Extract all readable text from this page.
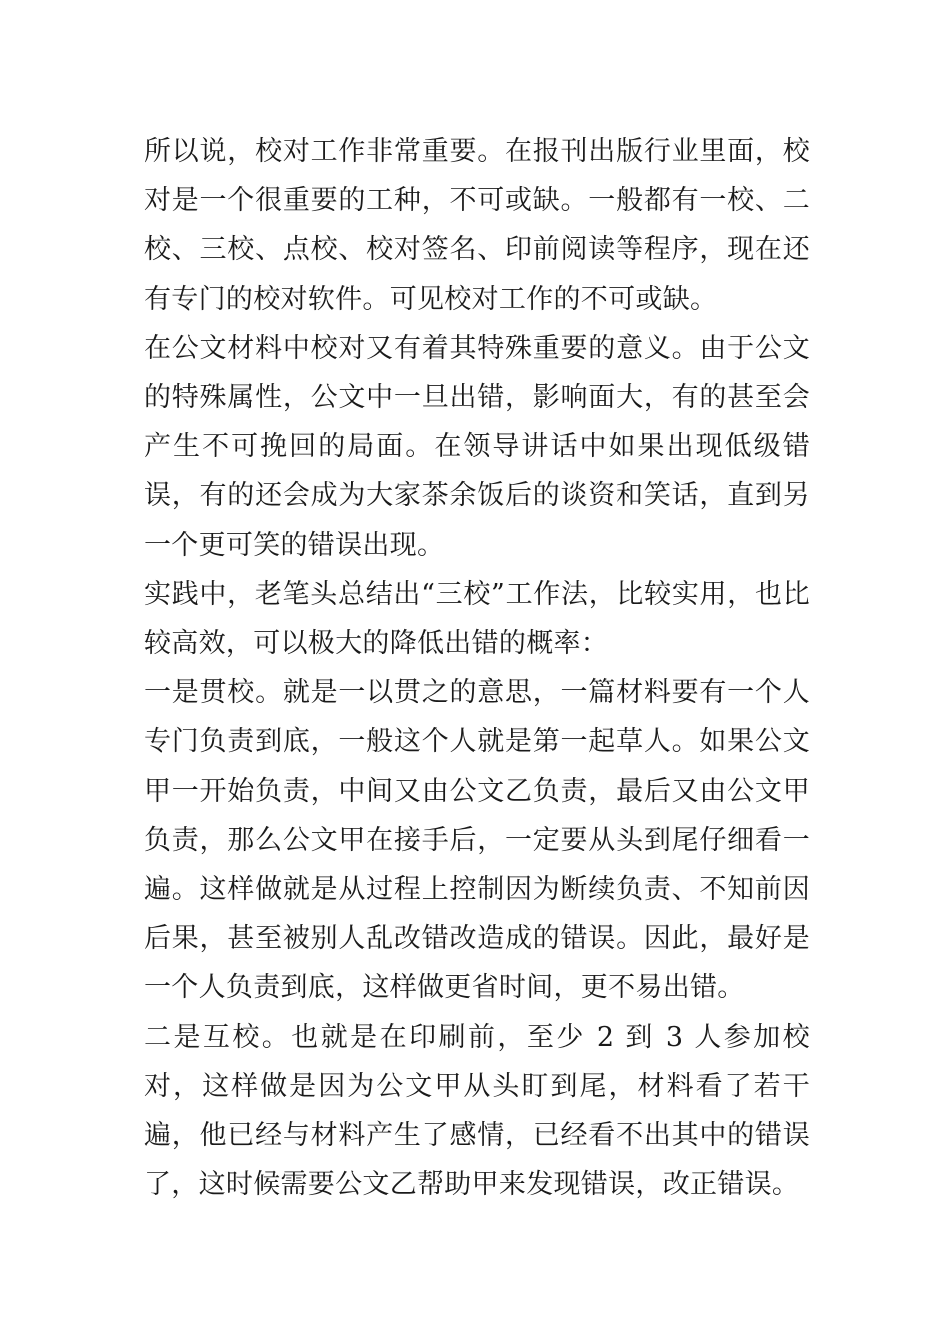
所以说，校对工作非常重要。在报刊出版行业里面，校对是一个很重要的工种，不可或缺。一般都有一校、二校、三校、点校、校对签名、印前阅读等程序，现在还有专门的校对软件。可见校对工作的不可或缺。

在公文材料中校对又有着其特殊重要的意义。由于公文的特殊属性，公文中一旦出错，影响面大，有的甚至会产生不可挽回的局面。在领导讲话中如果出现低级错误，有的还会成为大家茶余饭后的谈资和笑话，直到另一个更可笑的错误出现。

实践中，老笔头总结出“三校”工作法，比较实用，也比较高效，可以极大的降低出错的概率：

一是贯校。就是一以贯之的意思，一篇材料要有一个人专门负责到底，一般这个人就是第一起草人。如果公文甲一开始负责，中间又由公文乙负责，最后又由公文甲负责，那么公文甲在接手后，一定要从头到尾仔细看一遍。这样做就是从过程上控制因为断续负责、不知前因后果，甚至被别人乱改错改造成的错误。因此，最好是一个人负责到底，这样做更省时间，更不易出错。

二是互校。也就是在印刷前，至少 2 到 3 人参加校对，这样做是因为公文甲从头盯到尾，材料看了若干遍，他已经与材料产生了感情，已经看不出其中的错误了，这时候需要公文乙帮助甲来发现错误，改正错误。
